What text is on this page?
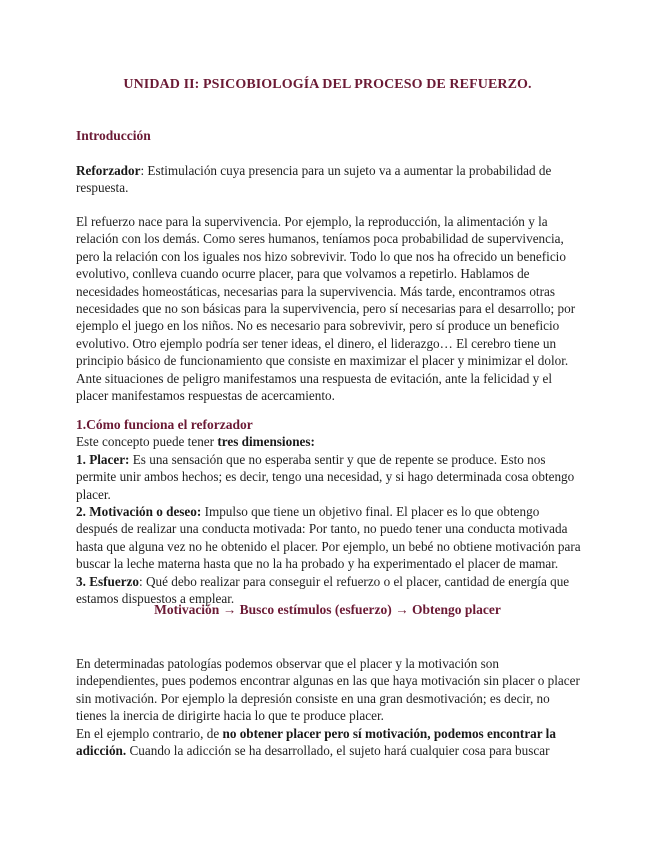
UNIDAD II: PSICOBIOLOGÍA DEL PROCESO DE REFUERZO.
Introducción

Reforzador: Estimulación cuya presencia para un sujeto va a aumentar la probabilidad de respuesta.

El refuerzo nace para la supervivencia. Por ejemplo, la reproducción, la alimentación y la relación con los demás. Como seres humanos, teníamos poca probabilidad de supervivencia, pero la relación con los iguales nos hizo sobrevivir. Todo lo que nos ha ofrecido un beneficio evolutivo, conlleva cuando ocurre placer, para que volvamos a repetirlo. Hablamos de necesidades homeostáticas, necesarias para la supervivencia. Más tarde, encontramos otras necesidades que no son básicas para la supervivencia, pero sí necesarias para el desarrollo; por ejemplo el juego en los niños. No es necesario para sobrevivir, pero sí produce un beneficio evolutivo. Otro ejemplo podría ser tener ideas, el dinero, el liderazgo… El cerebro tiene un principio básico de funcionamiento que consiste en maximizar el placer y minimizar el dolor. Ante situaciones de peligro manifestamos una respuesta de evitación, ante la felicidad y el placer manifestamos respuestas de acercamiento.

1.Cómo funciona el reforzador

Este concepto puede tener tres dimensiones:

1. Placer: Es una sensación que no esperaba sentir y que de repente se produce. Esto nos permite unir ambos hechos; es decir, tengo una necesidad, y si hago determinada cosa obtengo placer.

2. Motivación o deseo: Impulso que tiene un objetivo final. El placer es lo que obtengo después de realizar una conducta motivada: Por tanto, no puedo tener una conducta motivada hasta que alguna vez no he obtenido el placer. Por ejemplo, un bebé no obtiene motivación para buscar la leche materna hasta que no la ha probado y ha experimentado el placer de mamar.

3. Esfuerzo: Qué debo realizar para conseguir el refuerzo o el placer, cantidad de energía que estamos dispuestos a emplear.

Motivación → Busco estímulos (esfuerzo) → Obtengo placer

En determinadas patologías podemos observar que el placer y la motivación son independientes, pues podemos encontrar algunas en las que haya motivación sin placer o placer sin motivación. Por ejemplo la depresión consiste en una gran desmotivación; es decir, no tienes la inercia de dirigirte hacia lo que te produce placer.

En el ejemplo contrario, de no obtener placer pero sí motivación, podemos encontrar la adicción. Cuando la adicción se ha desarrollado, el sujeto hará cualquier cosa para buscar
